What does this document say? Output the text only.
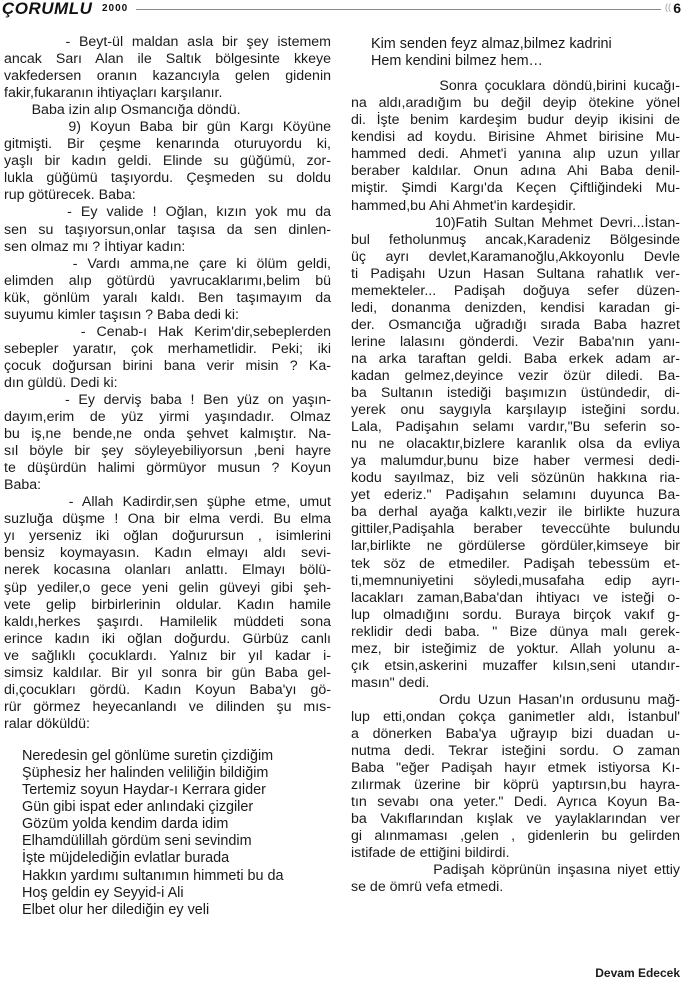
ÇORUMLU 2000	(( 6
- Beyt-ül maldan asla bir şey istemem
ancak Sarı Alan ile Saltık bölgesinte kkeye
vakfedersen oranın kazancıyla gelen gidenin
fakir,fukaranın ihtiyaçları karşılanır.
Baba izin alıp Osmancığa döndü.
9) Koyun Baba bir gün Kargı Köyüne
gitmişti. Bir çeşme kenarında oturuyordu ki,
yaşlı bir kadın geldi. Elinde su güğümü, zor-
lukla güğümü taşıyordu. Çeşmeden su doldu
rup götürecek. Baba:
- Ey valide ! Oğlan, kızın yok mu da
sen su taşıyorsun,onlar taşısa da sen dinlen-
sen olmaz mı ? İhtiyar kadın:
- Vardı amma,ne çare ki ölüm geldi,
elimden alıp götürdü yavrucaklarımı,belim bü
kük, gönlüm yaralı kaldı. Ben taşımayım da
suyumu kimler taşısın ? Baba dedi ki:
- Cenab-ı Hak Kerim'dir,sebeplerden
sebepler yaratır, çok merhametlidir. Peki; iki
çocuk doğursan birini bana verir misin ? Ka-
dın güldü. Dedi ki:
- Ey derviş baba ! Ben yüz on yaşın-
dayım,erim de yüz yirmi yaşındadır. Olmaz
bu iş,ne bende,ne onda şehvet kalmıştır. Na-
sıl böyle bir şey söyleyebiliyorsun ,beni hayre
te düşürdün halimi görmüyor musun ? Koyun
Baba:
- Allah Kadirdir,sen şüphe etme, umut
suzluğa düşme ! Ona bir elma verdi. Bu elma
yı yerseniz iki oğlan doğurursun , isimlerini
bensiz koymayasın. Kadın elmayı aldı sevi-
nerek kocasına olanları anlattı. Elmayı bölü-
şüp yediler,o gece yeni gelin güveyi gibi şeh-
vete gelip birbirlerinin oldular. Kadın hamile
kaldı,herkes şaşırdı. Hamilelik müddeti sona
erince kadın iki oğlan doğurdu. Gürbüz canlı
ve sağlıklı çocuklardı. Yalnız bir yıl kadar i-
simsiz kaldılar. Bir yıl sonra bir gün Baba gel-
di,çocukları gördü. Kadın Koyun Baba'yı gö-
rür görmez heyecanlandı ve dilinden şu mıs-
ralar döküldü:
Neredesin gel gönlüme suretin çizdiğim
Şüphesiz her halinden veliliğin bildiğim
Tertemiz soyun Haydar-ı Kerrara gider
Gün gibi ispat eder anlındaki çizgiler
Gözüm yolda kendim darda idim
Elhamdülillah gördüm seni sevindim
İşte müjdelediğin evlatlar burada
Hakkın yardımı sultanımın himmeti bu da
Hoş geldin ey Seyyid-i Ali
Elbet olur her dilediğin ey veli
Kim senden feyz almaz,bilmez kadrini
Hem kendini bilmez hem…
Sonra çocuklara döndü,birini kucağı-
na aldı,aradığım bu değil deyip ötekine yönel
di. İşte benim kardeşim budur deyip ikisini de
kendisi ad koydu. Birisine Ahmet birisine Mu-
hammed dedi. Ahmet'i yanına alıp uzun yıllar
beraber kaldılar. Onun adına Ahi Baba denil-
miştir. Şimdi Kargı'da Keçen Çiftliğindeki Mu-
hammed,bu Ahi Ahmet'in kardeşidir.
10)Fatih Sultan Mehmet Devri...İstan-
bul fetholunmuş ancak,Karadeniz Bölgesinde
üç ayrı devlet,Karamanoğlu,Akkoyonlu Devle
ti Padişahı Uzun Hasan Sultana rahatlık ver-
memekteler... Padişah doğuya sefer düzen-
ledi, donanma denizden, kendisi karadan gi-
der. Osmancığa uğradığı sırada Baba hazret
lerine lalasını gönderdi. Vezir Baba'nın yanı-
na arka taraftan geldi. Baba erkek adam ar-
kadan gelmez,deyince vezir özür diledi. Ba-
ba Sultanın istediği başımızın üstündedir, di-
yerek onu saygıyla karşılayıp isteğini sordu.
Lala, Padişahın selamı vardır,"Bu seferin so-
nu ne olacaktır,bizlere karanlık olsa da evliya
ya malumdur,bunu bize haber vermesi dedi-
kodu sayılmaz, biz veli sözünün hakkına ria-
yet ederiz." Padişahın selamını duyunca Ba-
ba derhal ayağa kalktı,vezir ile birlikte huzura
gittiler,Padişahla beraber teveccühte bulundu
lar,birlikte ne gördülerse gördüler,kimseye bir
tek söz de etmediler. Padişah tebessüm et-
ti,memnuniyetini söyledi,musafaha edip ayrı-
lacakları zaman,Baba'dan ihtiyacı ve isteği o-
lup olmadığını sordu. Buraya birçok vakıf g-
reklidir dedi baba. " Bize dünya malı gerek-
mez, bir isteğimiz de yoktur. Allah yolunu a-
çık etsin,askerini muzaffer kılsın,seni utandır-
masın" dedi.
Ordu Uzun Hasan'ın ordusunu mağ-
lup etti,ondan çokça ganimetler aldı, İstanbul'
a dönerken Baba'ya uğrayıp bizi duadan u-
nutma dedi. Tekrar isteğini sordu. O zaman
Baba "eğer Padişah hayır etmek istiyorsa Kı-
zılırmak üzerine bir köprü yaptırsın,bu hayra-
tın sevabı ona yeter." Dedi. Ayrıca Koyun Ba-
ba Vakıflarından kışlak ve yaylaklarından ver
gi alınmaması ,gelen , gidenlerin bu gelirden
istifade de ettiğini bildirdi.
Padişah köprünün inşasına niyet ettiy
se de ömrü vefa etmedi.
Devam Edecek
